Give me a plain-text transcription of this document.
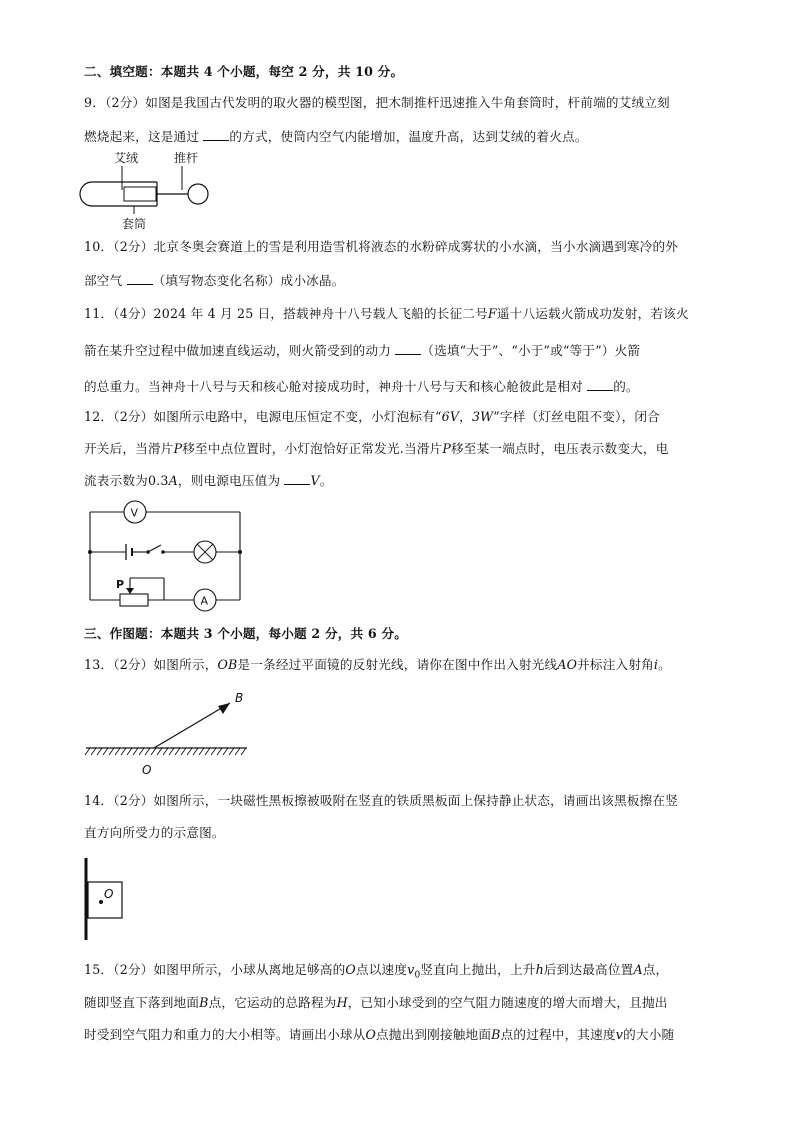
二、填空题：本题共 4 个小题，每空 2 分，共 10 分。
9．（2分）如图是我国古代发明的取火器的模型图，把木制推杆迅速推入牛角套筒时，杆前端的艾绒立刻
燃烧起来，这是通过 的方式，使筒内空气内能增加，温度升高，达到艾绒的着火点。
艾绒	推杆
套筒
10．（2分）北京冬奥会赛道上的雪是利用造雪机将液态的水粉碎成雾状的小水滴，当小水滴遇到寒冷的外
部空气 （填写物态变化名称）成小冰晶。
11．（4分）2024 年 4 月 25 日，搭载神舟十八号载人飞船的长征二号F遥十八运载火箭成功发射，若该火
箭在某升空过程中做加速直线运动，则火箭受到的动力 （选填“大于”、“小于”或“等于”）火箭
的总重力。当神舟十八号与天和核心舱对接成功时，神舟十八号与天和核心舱彼此是相对 的。
12．（2分）如图所示电路中，电源电压恒定不变，小灯泡标有“6V，3W”字样（灯丝电阻不变），闭合
开关后，当滑片P移至中点位置时，小灯泡恰好正常发光.当滑片P移至某一端点时，电压表示数变大，电
流表示数为0.3A，则电源电压值为 V。
V
A
P
三、作图题：本题共 3 个小题，每小题 2 分，共 6 分。
13．（2分）如图所示，OB是一条经过平面镜的反射光线，请你在图中作出入射光线AO并标注入射角i。
B
O
14．（2分）如图所示，一块磁性黑板擦被吸附在竖直的铁质黑板面上保持静止状态，请画出该黑板擦在竖
直方向所受力的示意图。
O
15．（2分）如图甲所示，小球从离地足够高的O点以速度$v_0$竖直向上抛出，上升h后到达最高位置A点，
随即竖直下落到地面B点，它运动的总路程为H，已知小球受到的空气阻力随速度的增大而增大，且抛出
时受到空气阻力和重力的大小相等。请画出小球从O点抛出到刚接触地面B点的过程中，其速度v的大小随
